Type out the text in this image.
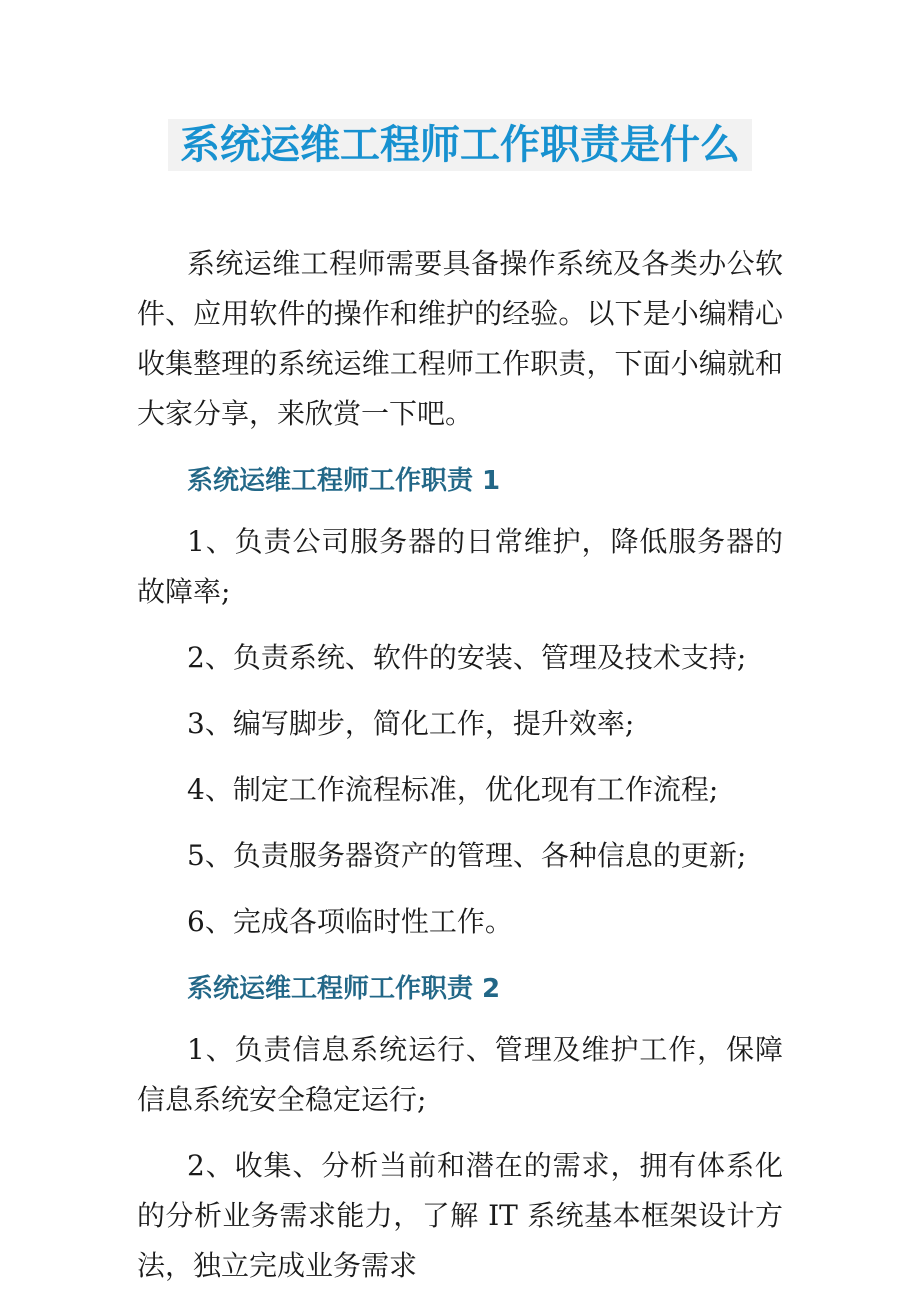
系统运维工程师工作职责是什么

系统运维工程师需要具备操作系统及各类办公软件、应用软件的操作和维护的经验。以下是小编精心收集整理的系统运维工程师工作职责，下面小编就和大家分享，来欣赏一下吧。

系统运维工程师工作职责 1

1、负责公司服务器的日常维护，降低服务器的故障率;

2、负责系统、软件的安装、管理及技术支持;

3、编写脚步，简化工作，提升效率;

4、制定工作流程标准，优化现有工作流程;

5、负责服务器资产的管理、各种信息的更新;

6、完成各项临时性工作。

系统运维工程师工作职责 2

1、负责信息系统运行、管理及维护工作，保障信息系统安全稳定运行;

2、收集、分析当前和潜在的需求，拥有体系化的分析业务需求能力，了解 IT 系统基本框架设计方法，独立完成业务需求
